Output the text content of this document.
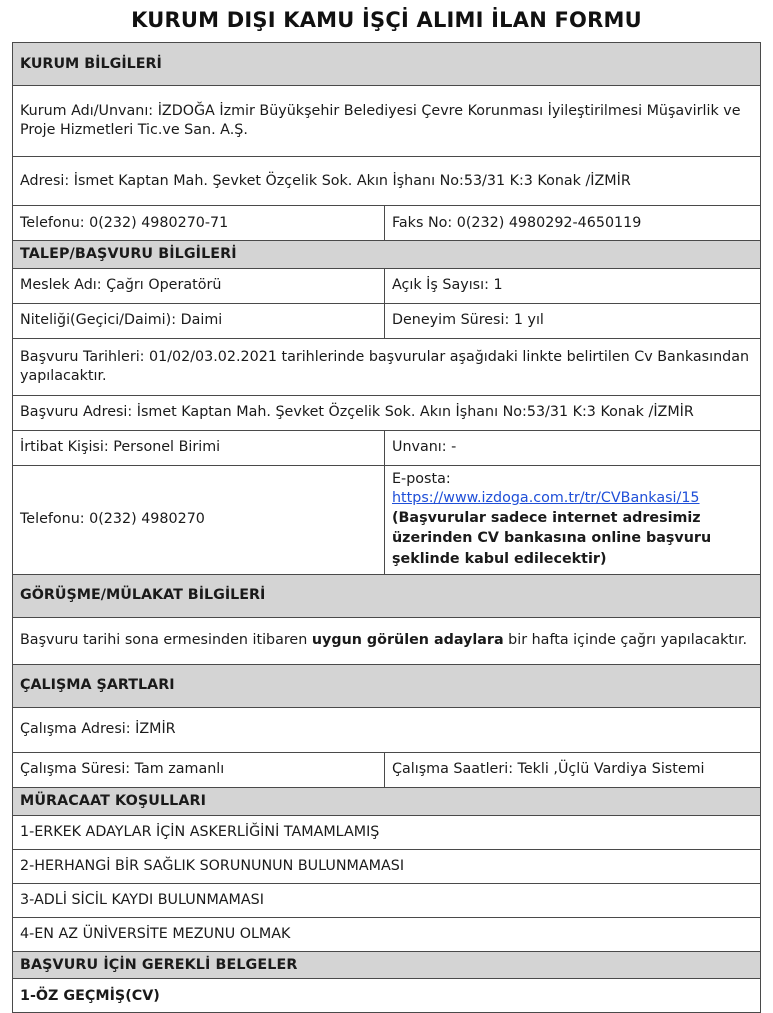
KURUM DIŞI KAMU İŞÇİ ALIMI İLAN FORMU
KURUM BİLGİLERİ	
Kurum Adı/Unvanı: İZDOĞA İzmir Büyükşehir Belediyesi Çevre Korunması İyileştirilmesi Müşavirlik ve Proje Hizmetleri Tic.ve San. A.Ş.	
Adresi: İsmet Kaptan Mah. Şevket Özçelik Sok. Akın İşhanı No:53/31 K:3 Konak /İZMİR	
Telefonu: 0(232) 4980270-71	Faks No: 0(232) 4980292-4650119
TALEP/BAŞVURU BİLGİLERİ	
Meslek Adı: Çağrı Operatörü	Açık İş Sayısı: 1
Niteliği(Geçici/Daimi): Daimi	Deneyim Süresi: 1 yıl
Başvuru Tarihleri: 01/02/03.02.2021 tarihlerinde başvurular aşağıdaki linkte belirtilen Cv Bankasından yapılacaktır.	
Başvuru Adresi: İsmet Kaptan Mah. Şevket Özçelik Sok. Akın İşhanı No:53/31 K:3 Konak /İZMİR	
İrtibat Kişisi: Personel Birimi	Unvanı: -
Telefonu: 0(232) 4980270	E-posta:
https://www.izdoga.com.tr/tr/CVBankasi/15
(Başvurular sadece internet adresimiz
üzerinden CV bankasına online başvuru
şeklinde kabul edilecektir)

GÖRÜŞME/MÜLAKAT BİLGİLERİ	
Başvuru tarihi sona ermesinden itibaren uygun görülen adaylara bir hafta içinde çağrı yapılacaktır.	
ÇALIŞMA ŞARTLARI	
Çalışma Adresi: İZMİR	
Çalışma Süresi: Tam zamanlı	Çalışma Saatleri: Tekli ,Üçlü Vardiya Sistemi
MÜRACAAT KOŞULLARI	
1-ERKEK ADAYLAR İÇİN ASKERLİĞİNİ TAMAMLAMIŞ	
2-HERHANGİ BİR SAĞLIK SORUNUNUN BULUNMAMASI	
3-ADLİ SİCİL KAYDI BULUNMAMASI	
4-EN AZ ÜNİVERSİTE MEZUNU OLMAK	
BAŞVURU İÇİN GEREKLİ BELGELER	
1-ÖZ GEÇMİŞ(CV)	
